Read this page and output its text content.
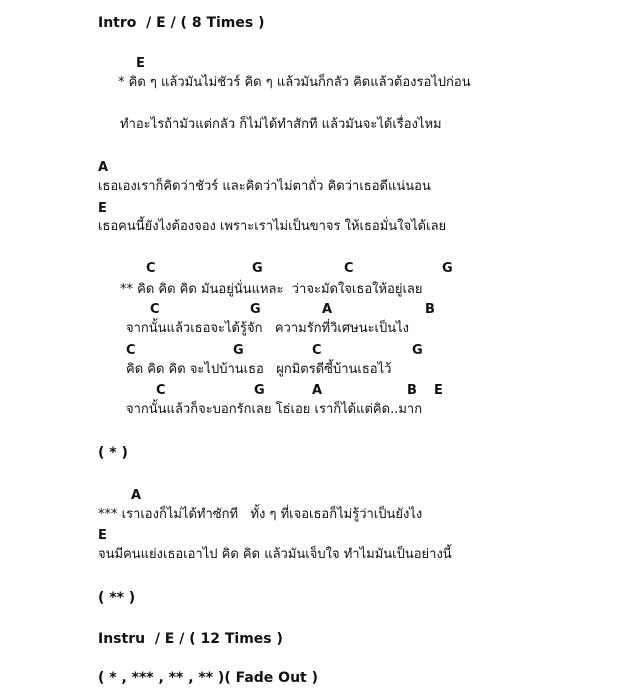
Intro  / E / ( 8 Times )
E
* คิด ๆ แล้วมันไม่ชัวร์ คิด ๆ แล้วมันก็กลัว คิดแล้วต้องรอไปก่อน
ทำอะไรถ้ามัวแต่กลัว ก็ไม่ได้ทำสักที แล้วมันจะได้เรื่องไหม
A
เธอเองเราก็คิดว่าชัวร์ และคิดว่าไม่ตาถั่ว คิดว่าเธอดีแน่นอน
E
เธอคนนี้ยังไงต้องจอง เพราะเราไม่เป็นขาจร ให้เธอมั่นใจได้เลย
C	G	C	G
** คิด คิด คิด มันอยู่นั่นแหละ  ว่าจะมัดใจเธอให้อยู่เลย
C	G	A	B
จากนั้นแล้วเธอจะได้รู้จัก   ความรักที่วิเศษนะเป็นไง
C	G	C	G
คิด คิด คิด จะไปบ้านเธอ   ผูกมิตรดีซี้บ้านเธอไว้
C	G	A	B E
จากนั้นแล้วก็จะบอกรักเลย โธ่เอย เราก็ได้แต่คิด..มาก
( * )
A
*** เราเองก็ไม่ได้ทำซักที   ทั้ง ๆ ที่เจอเธอก็ไม่รู้ว่าเป็นยังไง
E
จนมีคนแย่งเธอเอาไป คิด คิด แล้วมันเจ็บใจ ทำไมมันเป็นอย่างนี้
( ** )
Instru  / E / ( 12 Times )
( * , *** , ** , ** )( Fade Out )
